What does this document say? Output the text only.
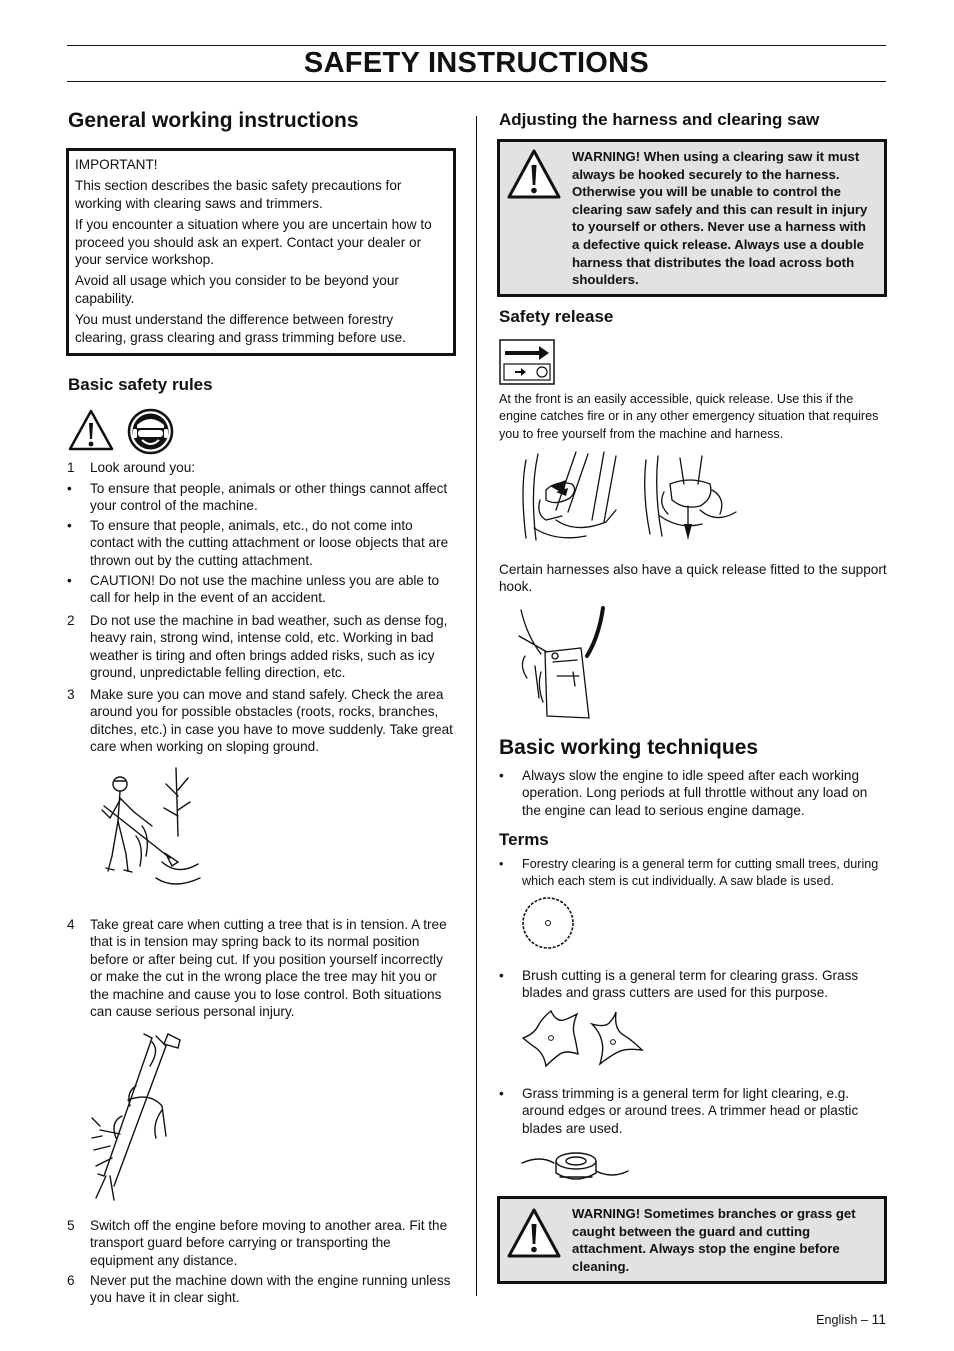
SAFETY INSTRUCTIONS
General working instructions

IMPORTANT!

This section describes the basic safety precautions for working with clearing saws and trimmers.

If you encounter a situation where you are uncertain how to proceed you should ask an expert. Contact your dealer or your service workshop.

Avoid all usage which you consider to be beyond your capability.

You must understand the difference between forestry clearing, grass clearing and grass trimming before use.

Basic safety rules
1	Look around you:
•	To ensure that people, animals or other things cannot affect your control of the machine.
•	To ensure that people, animals, etc., do not come into contact with the cutting attachment or loose objects that are thrown out by the cutting attachment.
•	CAUTION! Do not use the machine unless you are able to call for help in the event of an accident.
2	Do not use the machine in bad weather, such as dense fog, heavy rain, strong wind, intense cold, etc. Working in bad weather is tiring and often brings added risks, such as icy ground, unpredictable felling direction, etc.
3	Make sure you can move and stand safely. Check the area around you for possible obstacles (roots, rocks, branches, ditches, etc.) in case you have to move suddenly. Take great care when working on sloping ground.
4	Take great care when cutting a tree that is in tension. A tree that is in tension may spring back to its normal position before or after being cut. If you position yourself incorrectly or make the cut in the wrong place the tree may hit you or the machine and cause you to lose control. Both situations can cause serious personal injury.
5	Switch off the engine before moving to another area. Fit the transport guard before carrying or transporting the equipment any distance.
6	Never put the machine down with the engine running unless you have it in clear sight.
Adjusting the harness and clearing saw
WARNING! When using a clearing saw it must always be hooked securely to the harness. Otherwise you will be unable to control the clearing saw safely and this can result in injury to yourself or others. Never use a harness with a defective quick release. Always use a double harness that distributes the load across both shoulders.
Safety release
At the front is an easily accessible, quick release. Use this if the engine catches fire or in any other emergency situation that requires you to free yourself from the machine and harness.
Certain harnesses also have a quick release fitted to the support hook.
Basic working techniques
•	Always slow the engine to idle speed after each working operation. Long periods at full throttle without any load on the engine can lead to serious engine damage.
Terms
•	Forestry clearing is a general term for cutting small trees, during which each stem is cut individually. A saw blade is used.
•	Brush cutting is a general term for clearing grass. Grass blades and grass cutters are used for this purpose.
•	Grass trimming is a general term for light clearing, e.g. around edges or around trees. A trimmer head or plastic blades are used.
WARNING! Sometimes branches or grass get caught between the guard and cutting attachment. Always stop the engine before cleaning.
English – 11
